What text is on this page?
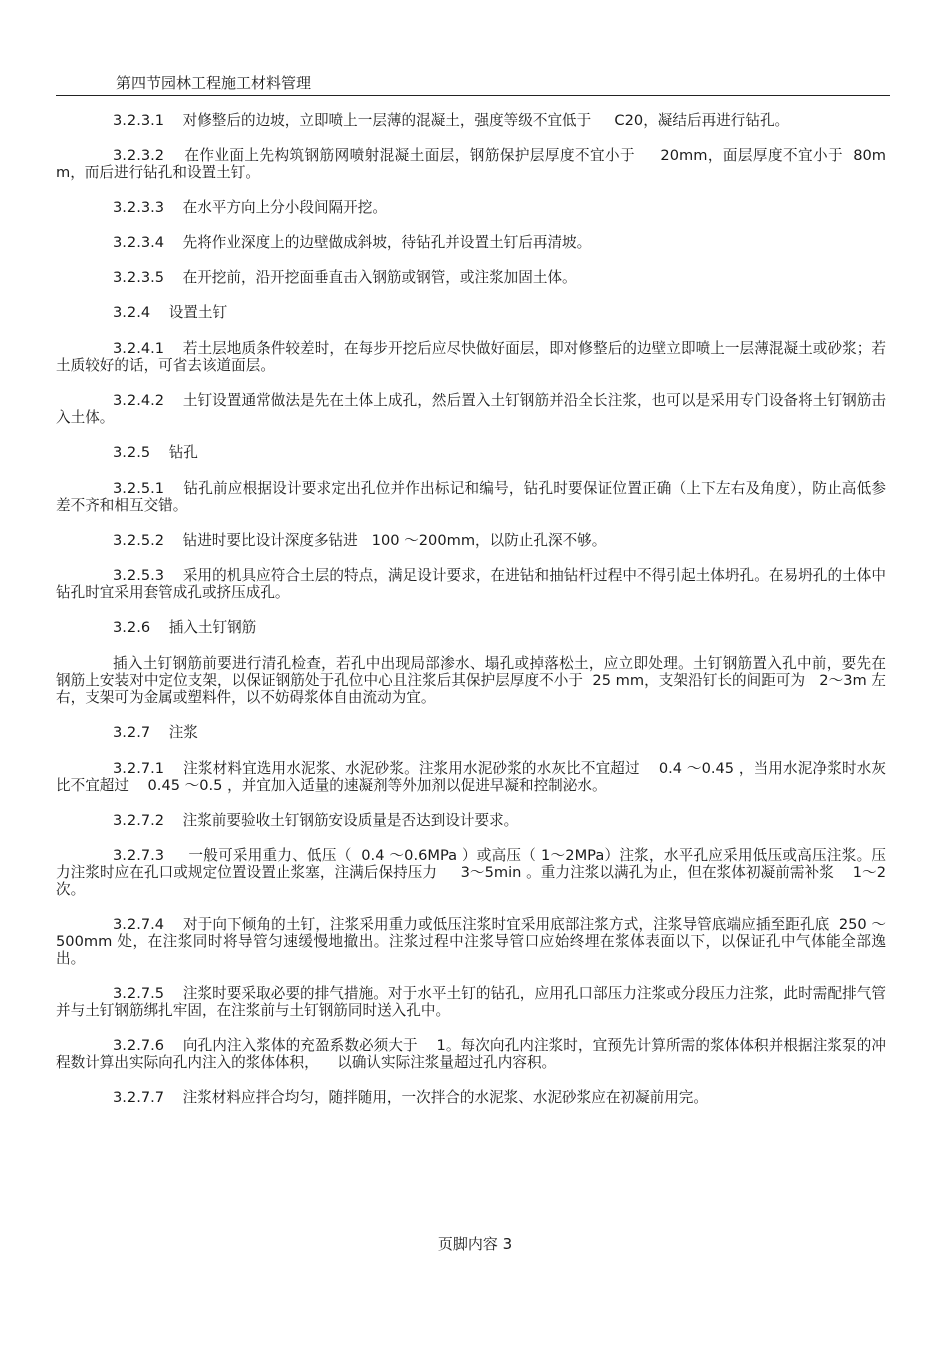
第四节园林工程施工材料管理

3.2.3.1    对修整后的边坡，立即喷上一层薄的混凝土，强度等级不宜低于     C20，凝结后再进行钻孔。

3.2.3.2    在作业面上先构筑钢筋网喷射混凝土面层，钢筋保护层厚度不宜小于     20mm，面层厚度不宜小于  80mm，而后进行钻孔和设置土钉。

3.2.3.3    在水平方向上分小段间隔开挖。

3.2.3.4    先将作业深度上的边壁做成斜坡，待钻孔并设置土钉后再清坡。

3.2.3.5    在开挖前，沿开挖面垂直击入钢筋或钢管，或注浆加固土体。

3.2.4    设置土钉

3.2.4.1    若土层地质条件较差时，在每步开挖后应尽快做好面层，即对修整后的边壁立即喷上一层薄混凝土或砂浆；若土质较好的话，可省去该道面层。

3.2.4.2    土钉设置通常做法是先在土体上成孔，然后置入土钉钢筋并沿全长注浆，也可以是采用专门设备将土钉钢筋击入土体。

3.2.5    钻孔

3.2.5.1    钻孔前应根据设计要求定出孔位并作出标记和编号，钻孔时要保证位置正确（上下左右及角度），防止高低参差不齐和相互交错。

3.2.5.2    钻进时要比设计深度多钻进   100 ～200mm，以防止孔深不够。

3.2.5.3    采用的机具应符合土层的特点，满足设计要求，在进钻和抽钻杆过程中不得引起土体坍孔。在易坍孔的土体中钻孔时宜采用套管成孔或挤压成孔。

3.2.6    插入土钉钢筋

插入土钉钢筋前要进行清孔检查，若孔中出现局部渗水、塌孔或掉落松土，应立即处理。土钉钢筋置入孔中前，要先在钢筋上安装对中定位支架，以保证钢筋处于孔位中心且注浆后其保护层厚度不小于  25 mm，支架沿钉长的间距可为   2～3m 左右，支架可为金属或塑料件，以不妨碍浆体自由流动为宜。

3.2.7    注浆

3.2.7.1    注浆材料宜选用水泥浆、水泥砂浆。注浆用水泥砂浆的水灰比不宜超过    0.4 ～0.45 ，当用水泥净浆时水灰比不宜超过    0.45 ～0.5 ，并宜加入适量的速凝剂等外加剂以促进早凝和控制泌水。

3.2.7.2    注浆前要验收土钉钢筋安设质量是否达到设计要求。

3.2.7.3     一般可采用重力、低压（  0.4 ～0.6MPa ）或高压（ 1～2MPa）注浆，水平孔应采用低压或高压注浆。压力注浆时应在孔口或规定位置设置止浆塞，注满后保持压力     3～5min 。重力注浆以满孔为止，但在浆体初凝前需补浆    1～2 次。

3.2.7.4    对于向下倾角的土钉，注浆采用重力或低压注浆时宜采用底部注浆方式，注浆导管底端应插至距孔底  250 ～500mm 处，在注浆同时将导管匀速缓慢地撤出。注浆过程中注浆导管口应始终埋在浆体表面以下，以保证孔中气体能全部逸出。

3.2.7.5    注浆时要采取必要的排气措施。对于水平土钉的钻孔，应用孔口部压力注浆或分段压力注浆，此时需配排气管并与土钉钢筋绑扎牢固，在注浆前与土钉钢筋同时送入孔中。

3.2.7.6    向孔内注入浆体的充盈系数必须大于    1。每次向孔内注浆时，宜预先计算所需的浆体体积并根据注浆泵的冲程数计算出实际向孔内注入的浆体体积，    以确认实际注浆量超过孔内容积。

3.2.7.7    注浆材料应拌合均匀，随拌随用，一次拌合的水泥浆、水泥砂浆应在初凝前用完。

页脚内容 3
